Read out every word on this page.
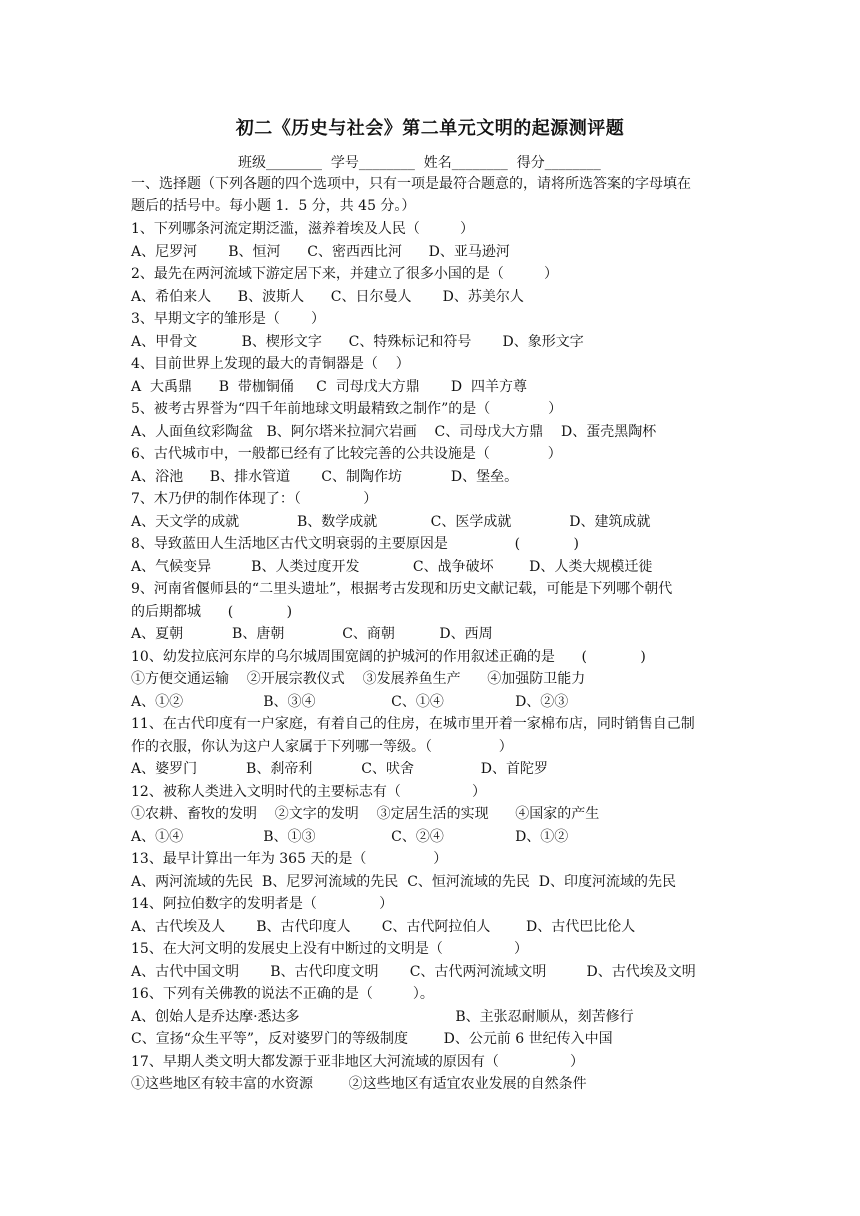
初二《历史与社会》第二单元文明的起源测评题
班级________  学号________  姓名________  得分________
一、选择题（下列各题的四个选项中，只有一项是最符合题意的，请将所选答案的字母填在
题后的括号中。每小题 1．5 分，共 45 分。）
1、下列哪条河流定期泛滥，滋养着埃及人民（         ）
A、尼罗河       B、恒河      C、密西西比河      D、亚马逊河
2、最先在两河流域下游定居下来，并建立了很多小国的是（         ）
A、希伯来人      B、波斯人      C、日尔曼人       D、苏美尔人
3、早期文字的雏形是（       ）
A、甲骨文          B、楔形文字      C、特殊标记和符号       D、象形文字
4、目前世界上发现的最大的青铜器是（    ）
A  大禹鼎      B  带枷铜俑     C  司母戊大方鼎       D  四羊方尊
5、被考古界誉为“四千年前地球文明最精致之制作”的是（             ）
A、人面鱼纹彩陶盆   B、阿尔塔米拉洞穴岩画    C、司母戊大方鼎    D、蛋壳黑陶杯
6、古代城市中，一般都已经有了比较完善的公共设施是（             ）
A、浴池      B、排水管道       C、制陶作坊           D、堡垒。
7、木乃伊的制作体现了：（              ）
A、天文学的成就             B、数学成就            C、医学成就             D、建筑成就
8、导致蓝田人生活地区古代文明衰弱的主要原因是               (            )
A、气候变异         B、人类过度开发            C、战争破坏        D、人类大规模迁徙
9、河南省偃师县的“二里头遗址”，根据考古发现和历史文献记载，可能是下列哪个朝代
的后期都城      (            )
A、夏朝           B、唐朝             C、商朝          D、西周
10、幼发拉底河东岸的乌尔城周围宽阔的护城河的作用叙述正确的是      (            )
①方便交通运输    ②开展宗教仪式    ③发展养鱼生产      ④加强防卫能力
A、①②                  B、③④                 C、①④                D、②③
11、在古代印度有一户家庭，有着自己的住房，在城市里开着一家棉布店，同时销售自己制
作的衣服，你认为这户人家属于下列哪一等级。（               ）
A、婆罗门           B、刹帝利           C、吠舍               D、首陀罗
12、被称人类进入文明时代的主要标志有（                ）
①农耕、畜牧的发明    ②文字的发明    ③定居生活的实现      ④国家的产生
A、①④                  B、①③                 C、②④                D、①②
13、最早计算出一年为 365 天的是（               ）
A、两河流域的先民  B、尼罗河流域的先民  C、恒河流域的先民  D、印度河流域的先民
14、阿拉伯数字的发明者是（              ）
A、古代埃及人       B、古代印度人       C、古代阿拉伯人        D、古代巴比伦人
15、在大河文明的发展史上没有中断过的文明是（                ）
A、古代中国文明       B、古代印度文明       C、古代两河流域文明         D、古代埃及文明
16、下列有关佛教的说法不正确的是（         ）。
A、创始人是乔达摩·悉达多                                   B、主张忍耐顺从，刻苦修行
C、宣扬“众生平等”，反对婆罗门的等级制度        D、公元前 6 世纪传入中国
17、早期人类文明大都发源于亚非地区大河流域的原因有（                ）
①这些地区有较丰富的水资源        ②这些地区有适宜农业发展的自然条件
